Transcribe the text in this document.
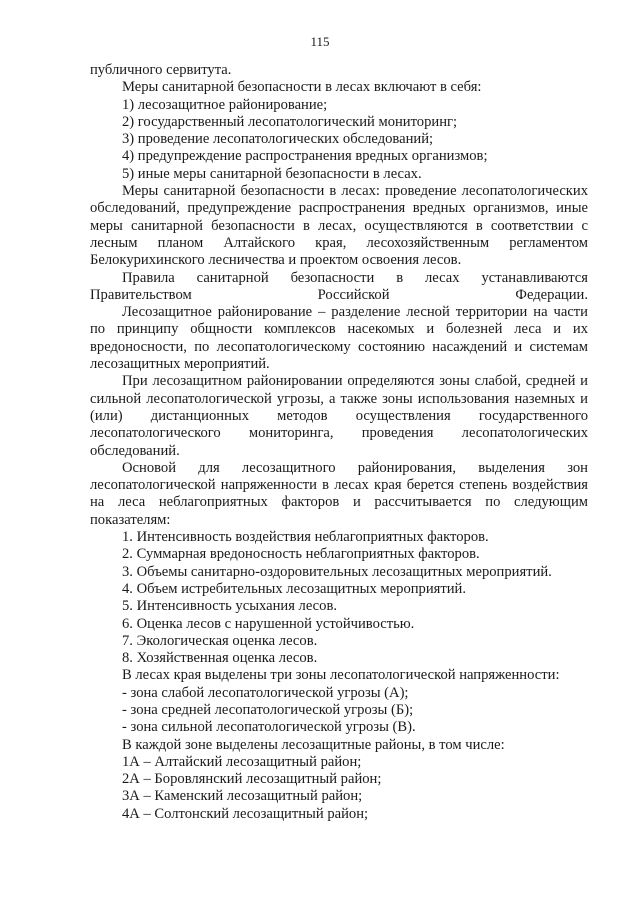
115

публичного сервитута.

Меры санитарной безопасности в лесах включают в себя:

1) лесозащитное районирование;

2) государственный лесопатологический мониторинг;

3) проведение лесопатологических обследований;

4) предупреждение распространения вредных организмов;

5) иные меры санитарной безопасности в лесах.

Меры санитарной безопасности в лесах: проведение лесопатологических обследований, предупреждение распространения вредных организмов, иные меры санитарной безопасности в лесах, осуществляются в соответствии с лесным планом Алтайского края, лесохозяйственным регламентом Белокурихинского лесничества и проектом освоения лесов.

Правила санитарной безопасности в лесах устанавливаются Правительством Российской Федерации.

Лесозащитное районирование – разделение лесной территории на части по принципу общности комплексов насекомых и болезней леса и их вредоносности, по лесопатологическому состоянию насаждений и системам лесозащитных мероприятий.

При лесозащитном районировании определяются зоны слабой, средней и сильной лесопатологической угрозы, а также зоны использования наземных и (или) дистанционных методов осуществления государственного лесопатологического мониторинга, проведения лесопатологических обследований.

Основой для лесозащитного районирования, выделения зон лесопатологической напряженности в лесах края берется степень воздействия на леса неблагоприятных факторов и рассчитывается по следующим показателям:

1. Интенсивность воздействия неблагоприятных факторов.

2. Суммарная вредоносность неблагоприятных факторов.

3. Объемы санитарно-оздоровительных лесозащитных мероприятий.

4. Объем истребительных лесозащитных мероприятий.

5. Интенсивность усыхания лесов.

6. Оценка лесов с нарушенной устойчивостью.

7. Экологическая оценка лесов.

8. Хозяйственная оценка лесов.

В лесах края выделены три зоны лесопатологической напряженности:

- зона слабой лесопатологической угрозы (А);

- зона средней лесопатологической угрозы (Б);

- зона сильной лесопатологической угрозы (В).

В каждой зоне выделены лесозащитные районы, в том числе:

1А – Алтайский лесозащитный район;

2А – Боровлянский лесозащитный район;

3А – Каменский лесозащитный район;

4А – Солтонский лесозащитный район;
